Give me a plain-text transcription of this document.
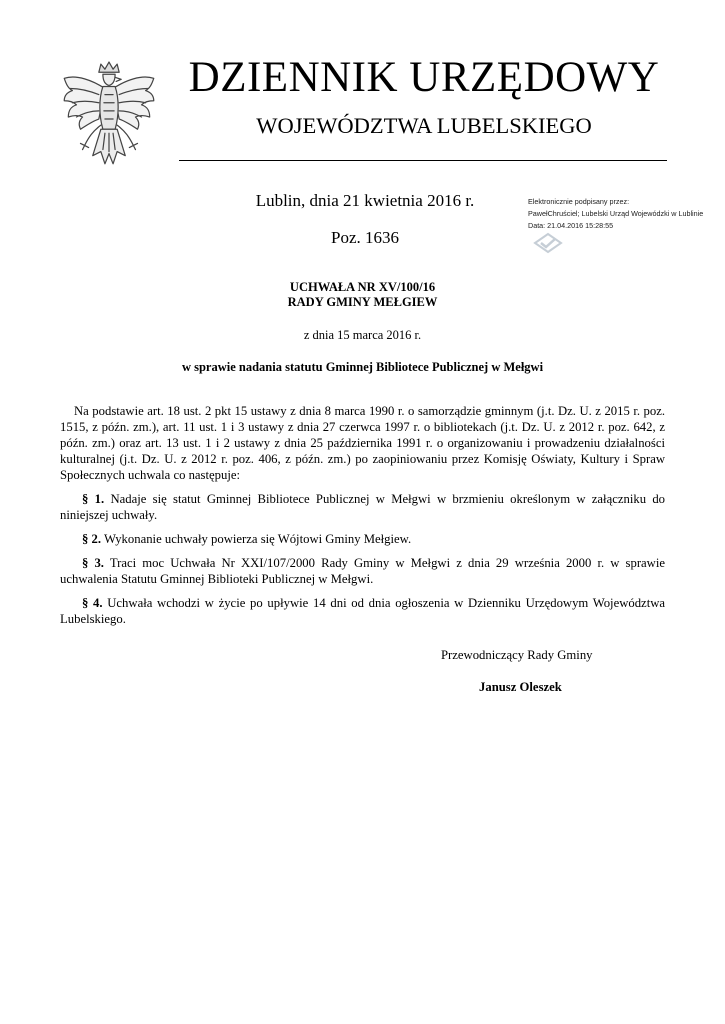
DZIENNIK URZĘDOWY
WOJEWÓDZTWA LUBELSKIEGO
Lublin, dnia 21 kwietnia 2016 r.
Poz. 1636
Elektronicznie podpisany przez:
PawełChruściel; Lubelski Urząd Wojewódzki w Lublinie
Data: 21.04.2016 15:28:55
UCHWAŁA NR XV/100/16
RADY GMINY MEŁGIEW
z dnia 15 marca 2016 r.
w sprawie nadania statutu Gminnej Bibliotece Publicznej w Mełgwi

Na podstawie art. 18 ust. 2 pkt 15 ustawy z dnia 8 marca 1990 r. o samorządzie gminnym (j.t. Dz. U. z 2015 r. poz. 1515, z późn. zm.), art. 11 ust. 1 i 3 ustawy z dnia 27 czerwca 1997 r. o bibliotekach (j.t. Dz. U. z 2012 r. poz. 642, z późn. zm.) oraz art. 13 ust. 1 i 2 ustawy z dnia 25 października 1991 r. o organizowaniu i prowadzeniu działalności kulturalnej (j.t. Dz. U. z 2012 r. poz. 406, z późn. zm.) po zaopiniowaniu przez Komisję Oświaty, Kultury i Spraw Społecznych uchwala co następuje:

§ 1. Nadaje się statut Gminnej Bibliotece Publicznej w Mełgwi w brzmieniu określonym w załączniku do niniejszej uchwały.

§ 2. Wykonanie uchwały powierza się Wójtowi Gminy Mełgiew.

§ 3. Traci moc Uchwała Nr XXI/107/2000 Rady Gminy w Mełgwi z dnia 29 września 2000 r. w sprawie uchwalenia Statutu Gminnej Biblioteki Publicznej w Mełgwi.

§ 4. Uchwała wchodzi w życie po upływie 14 dni od dnia ogłoszenia w Dzienniku Urzędowym Województwa Lubelskiego.

Przewodniczący Rady Gminy
Janusz Oleszek
